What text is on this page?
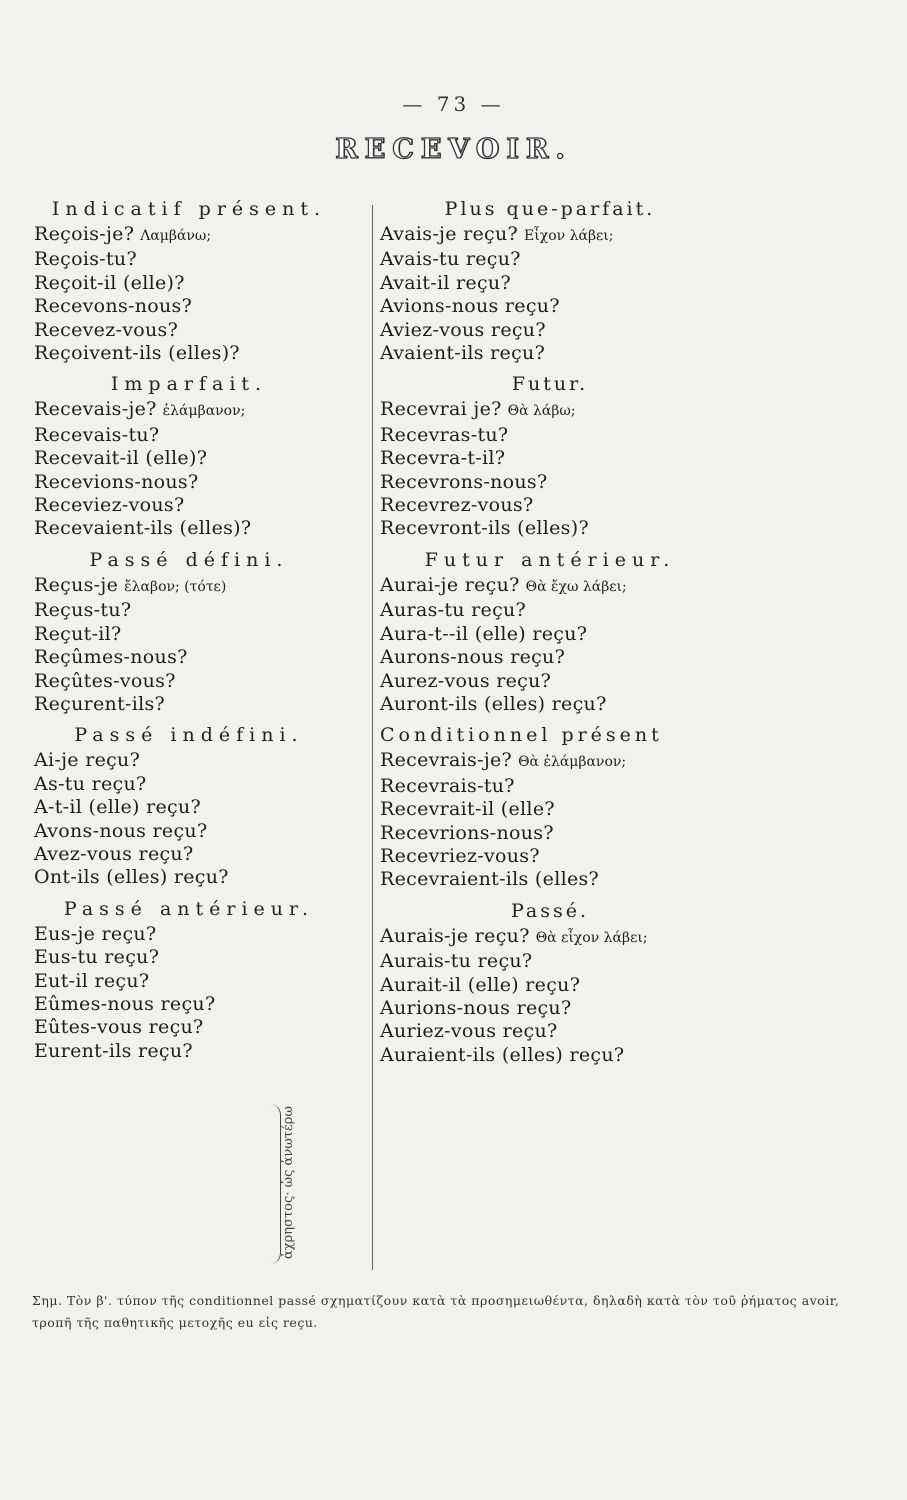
— 73 —
RECEVOIR.
Indicatif présent.
Reçois-je? Λαμβάνω;
Reçois-tu?
Reçoit-il (elle)?
Recevons-nous?
Recevez-vous?
Reçoivent-ils (elles)?
Imparfait.
Recevais-je? ἐλάμβανον;
Recevais-tu?
Recevait-il (elle)?
Recevions-nous?
Receviez-vous?
Recevaient-ils (elles)?
Passé défini.
Reçus-je ἔλαβον; (τότε)
Reçus-tu?
Reçut-il?
Reçûmes-nous?
Reçûtes-vous?
Reçurent-ils?
Passé indéfini.
Ai-je reçu?
As-tu reçu?
A-t-il (elle) reçu?
Avons-nous reçu?
Avez-vous reçu?
Ont-ils (elles) reçu?
Passé antérieur.
Eus-je reçu?
Eus-tu reçu?
Eut-il reçu?
Eûmes-nous reçu?
Eûtes-vous reçu?
Eurent-ils reçu?
Plus que-parfait.
Avais-je reçu? Εἶχον λάβει;
Avais-tu reçu?
Avait-il reçu?
Avions-nous reçu?
Aviez-vous reçu?
Avaient-ils reçu?
Futur.
Recevrai je? Θὰ λάβω;
Recevras-tu?
Recevra-t-il?
Recevrons-nous?
Recevrez-vous?
Recevront-ils (elles)?
Futur antérieur.
Aurai-je reçu? Θὰ ἔχω λάβει;
Auras-tu reçu?
Aura-t--il (elle) reçu?
Aurons-nous reçu?
Aurez-vous reçu?
Auront-ils (elles) reçu?
Conditionnel présent
Recevrais-je? Θὰ ἐλάμβανον;
Recevrais-tu?
Recevrait-il (elle?
Recevrions-nous?
Recevriez-vous?
Recevraient-ils (elles?
Passé.
Aurais-je reçu? Θὰ εἶχον λάβει;
Aurais-tu reçu?
Aurait-il (elle) reçu?
Aurions-nous reçu?
Auriez-vous reçu?
Auraient-ils (elles) reçu?
ἀχρηστος· ὡς ἀνωτέρω
Σημ. Τὸν β'. τύπον τῆς conditionnel passé σχηματίζουν κατὰ τὰ προσημειωθέντα, δηλαδὴ κατὰ τὸν τοῦ ῥήματος avoir, τροπῆ τῆς παθητικῆς μετοχῆς eu εἰς reçu.
